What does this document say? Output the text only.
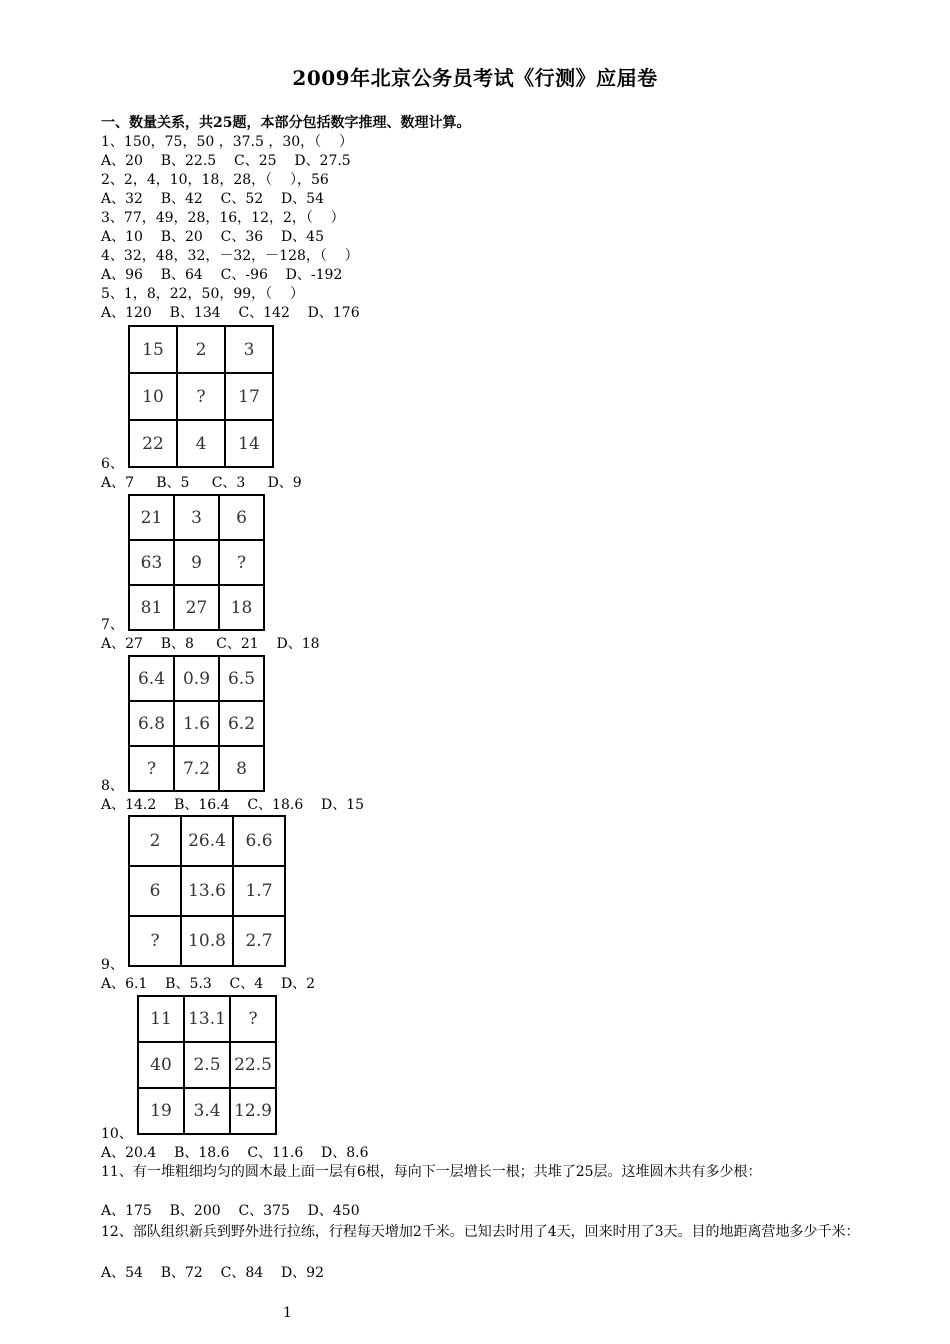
2009年北京公务员考试《行测》应届卷
一、数量关系，共25题，本部分包括数字推理、数理计算。
1、150，75，50 ，37.5 ，30，（    ）
A、20    B、22.5    C、25    D、27.5
2、2，4，10，18，28，（    ），56
A、32    B、42    C、52    D、54
3、77，49，28，16，12，2，（    ）
A、10    B、20    C、36    D、45
4、32，48，32，－32，－128，（    ）
A、96    B、64    C、-96    D、-192
5、1，8，22，50，99，（    ）
A、120    B、134    C、142    D、176
15	2	3
10	?	17
22	4	14
6、
A、7     B、5     C、3     D、9
21	3	6
63	9	?
81	27	18
7、
A、27    B、8     C、21    D、18
6.4	0.9	6.5
6.8	1.6	6.2
?	7.2	8
8、
A、14.2    B、16.4    C、18.6    D、15
2	26.4	6.6
6	13.6	1.7
?	10.8	2.7
9、
A、6.1    B、5.3    C、4    D、2
11	13.1	?
40	2.5	22.5
19	3.4	12.9
10、
A、20.4    B、18.6    C、11.6    D、8.6
11、有一堆粗细均匀的圆木最上面一层有6根，每向下一层增长一根；共堆了25层。这堆圆木共有多少根：
A、175    B、200    C、375    D、450
12、部队组织新兵到野外进行拉练，行程每天增加2千米。已知去时用了4天，回来时用了3天。目的地距离营地多少千米：
A、54    B、72    C、84    D、92
1
